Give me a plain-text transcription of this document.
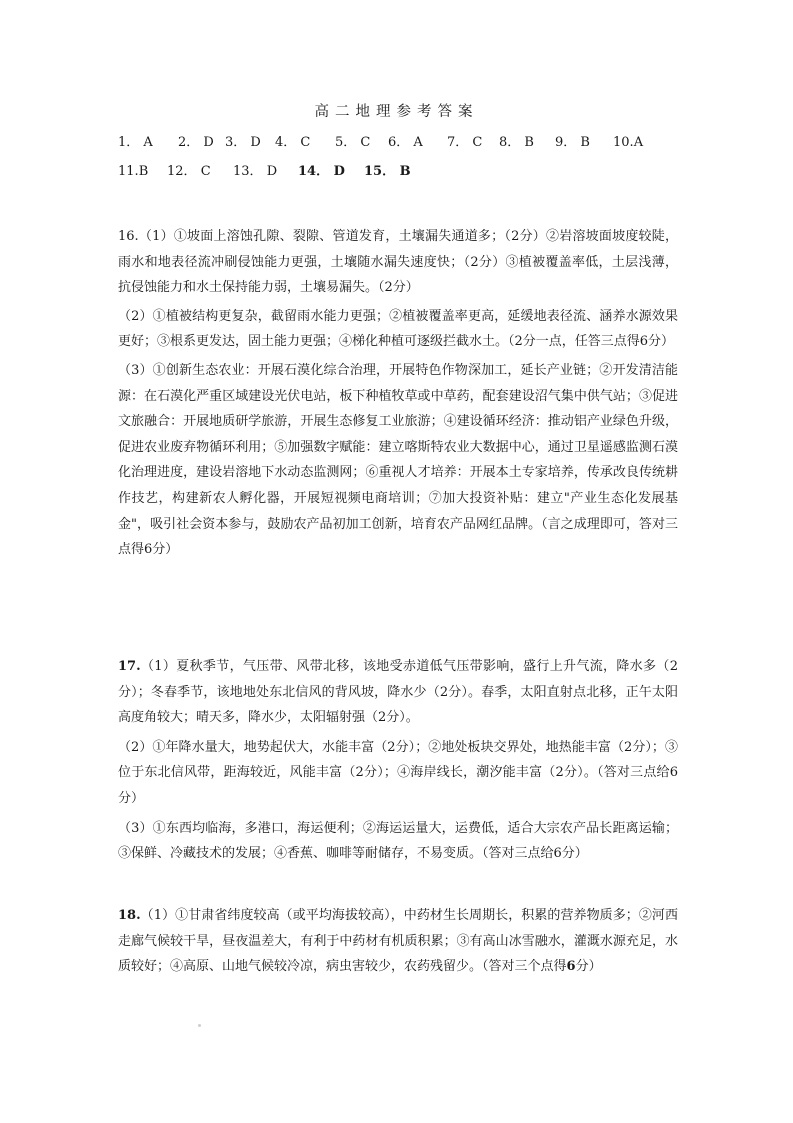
高二地理参考答案
1． A 2． D 3． D 4． C 5． C 6． A 7． C 8． B 9． B 10.A
11.B 12． C 13． D 14． D 15． B

16.（1）①坡面上溶蚀孔隙、裂隙、管道发育，土壤漏失通道多；（2分）②岩溶坡面坡度较陡，雨水和地表径流冲刷侵蚀能力更强，土壤随水漏失速度快；（2分）③植被覆盖率低，土层浅薄，抗侵蚀能力和水土保持能力弱，土壤易漏失。（2分）

（2）①植被结构更复杂，截留雨水能力更强；②植被覆盖率更高，延缓地表径流、涵养水源效果更好；③根系更发达，固土能力更强；④梯化种植可逐级拦截水土。（2分一点，任答三点得6分）

（3）①创新生态农业：开展石漠化综合治理，开展特色作物深加工，延长产业链；②开发清洁能源：在石漠化严重区域建设光伏电站，板下种植牧草或中草药，配套建设沼气集中供气站；③促进文旅融合：开展地质研学旅游，开展生态修复工业旅游；④建设循环经济：推动铝产业绿色升级，促进农业废弃物循环利用；⑤加强数字赋能：建立喀斯特农业大数据中心，通过卫星遥感监测石漠化治理进度，建设岩溶地下水动态监测网；⑥重视人才培养：开展本土专家培养，传承改良传统耕作技艺，构建新农人孵化器，开展短视频电商培训；⑦加大投资补贴：建立"产业生态化发展基金"，吸引社会资本参与，鼓励农产品初加工创新，培育农产品网红品牌。（言之成理即可，答对三点得6分）

17.（1）夏秋季节，气压带、风带北移，该地受赤道低气压带影响，盛行上升气流，降水多（2分）；冬春季节，该地地处东北信风的背风坡，降水少（2分）。春季，太阳直射点北移，正午太阳高度角较大；晴天多，降水少，太阳辐射强（2分）。

（2）①年降水量大，地势起伏大，水能丰富（2分）；②地处板块交界处，地热能丰富（2分）；③位于东北信风带，距海较近，风能丰富（2分）；④海岸线长，潮汐能丰富（2分）。（答对三点给6分）

（3）①东西均临海，多港口，海运便利；②海运运量大，运费低，适合大宗农产品长距离运输；③保鲜、冷藏技术的发展；④香蕉、咖啡等耐储存，不易变质。（答对三点给6分）

18.（1）①甘肃省纬度较高（或平均海拔较高），中药材生长周期长，积累的营养物质多；②河西走廊气候较干旱，昼夜温差大，有利于中药材有机质积累；③有高山冰雪融水，灌溉水源充足，水质较好；④高原、山地气候较冷凉，病虫害较少，农药残留少。（答对三个点得6分）
